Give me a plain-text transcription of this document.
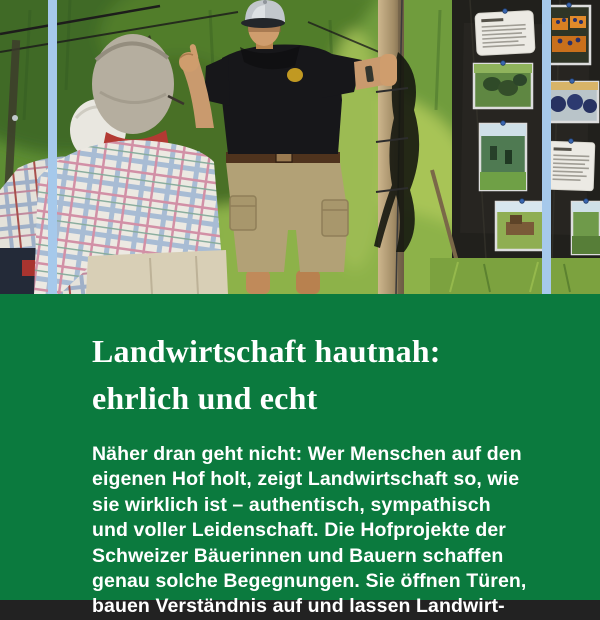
Landwirtschaft hautnah:
ehrlich und echt
Näher dran geht nicht: Wer Menschen auf den
eigenen Hof holt, zeigt Landwirtschaft so, wie
sie wirklich ist – authentisch, sympathisch
und voller Leidenschaft. Die Hofprojekte der
Schweizer Bäuerinnen und Bauern schaffen
genau solche Begegnungen. Sie öffnen Türen,
bauen Verständnis auf und lassen Landwirt-
